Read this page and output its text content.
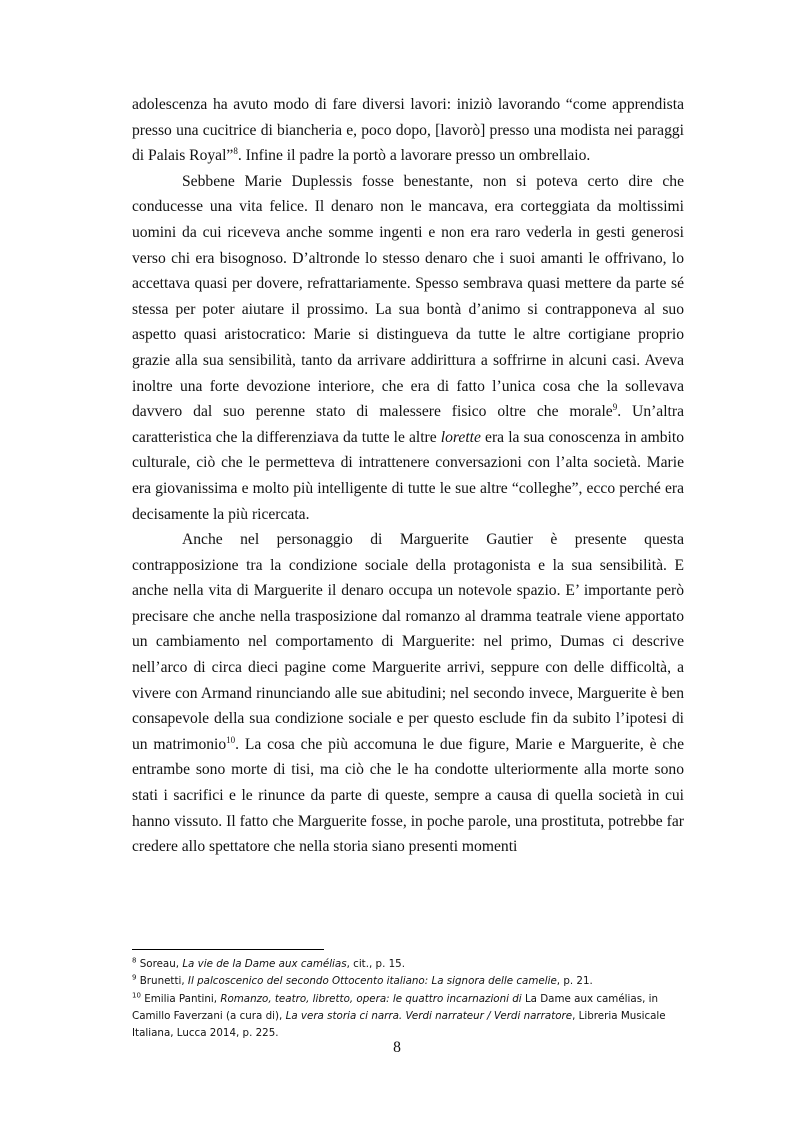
adolescenza ha avuto modo di fare diversi lavori: iniziò lavorando “come apprendista presso una cucitrice di biancheria e, poco dopo, [lavorò] presso una modista nei paraggi di Palais Royal”$^8$. Infine il padre la portò a lavorare presso un ombrellaio.

Sebbene Marie Duplessis fosse benestante, non si poteva certo dire che conducesse una vita felice. Il denaro non le mancava, era corteggiata da moltissimi uomini da cui riceveva anche somme ingenti e non era raro vederla in gesti generosi verso chi era bisognoso. D’altronde lo stesso denaro che i suoi amanti le offrivano, lo accettava quasi per dovere, refrattariamente. Spesso sembrava quasi mettere da parte sé stessa per poter aiutare il prossimo. La sua bontà d’animo si contrapponeva al suo aspetto quasi aristocratico: Marie si distingueva da tutte le altre cortigiane proprio grazie alla sua sensibilità, tanto da arrivare addirittura a soffrirne in alcuni casi. Aveva inoltre una forte devozione interiore, che era di fatto l’unica cosa che la sollevava davvero dal suo perenne stato di malessere fisico oltre che morale$^9$. Un’altra caratteristica che la differenziava da tutte le altre lorette era la sua conoscenza in ambito culturale, ciò che le permetteva di intrattenere conversazioni con l’alta società. Marie era giovanissima e molto più intelligente di tutte le sue altre “colleghe”, ecco perché era decisamente la più ricercata.

Anche nel personaggio di Marguerite Gautier è presente questa contrapposizione tra la condizione sociale della protagonista e la sua sensibilità. E anche nella vita di Marguerite il denaro occupa un notevole spazio. E’ importante però precisare che anche nella trasposizione dal romanzo al dramma teatrale viene apportato un cambiamento nel comportamento di Marguerite: nel primo, Dumas ci descrive nell’arco di circa dieci pagine come Marguerite arrivi, seppure con delle difficoltà, a vivere con Armand rinunciando alle sue abitudini; nel secondo invece, Marguerite è ben consapevole della sua condizione sociale e per questo esclude fin da subito l’ipotesi di un matrimonio$^{10}$. La cosa che più accomuna le due figure, Marie e Marguerite, è che entrambe sono morte di tisi, ma ciò che le ha condotte ulteriormente alla morte sono stati i sacrifici e le rinunce da parte di queste, sempre a causa di quella società in cui hanno vissuto. Il fatto che Marguerite fosse, in poche parole, una prostituta, potrebbe far credere allo spettatore che nella storia siano presenti momenti

$^8$ Soreau, La vie de la Dame aux camélias, cit., p. 15.

$^9$ Brunetti, Il palcoscenico del secondo Ottocento italiano: La signora delle camelie, p. 21.

$^{10}$ Emilia Pantini, Romanzo, teatro, libretto, opera: le quattro incarnazioni di La Dame aux camélias, in Camillo Faverzani (a cura di), La vera storia ci narra. Verdi narrateur / Verdi narratore, Libreria Musicale Italiana, Lucca 2014, p. 225.

8
